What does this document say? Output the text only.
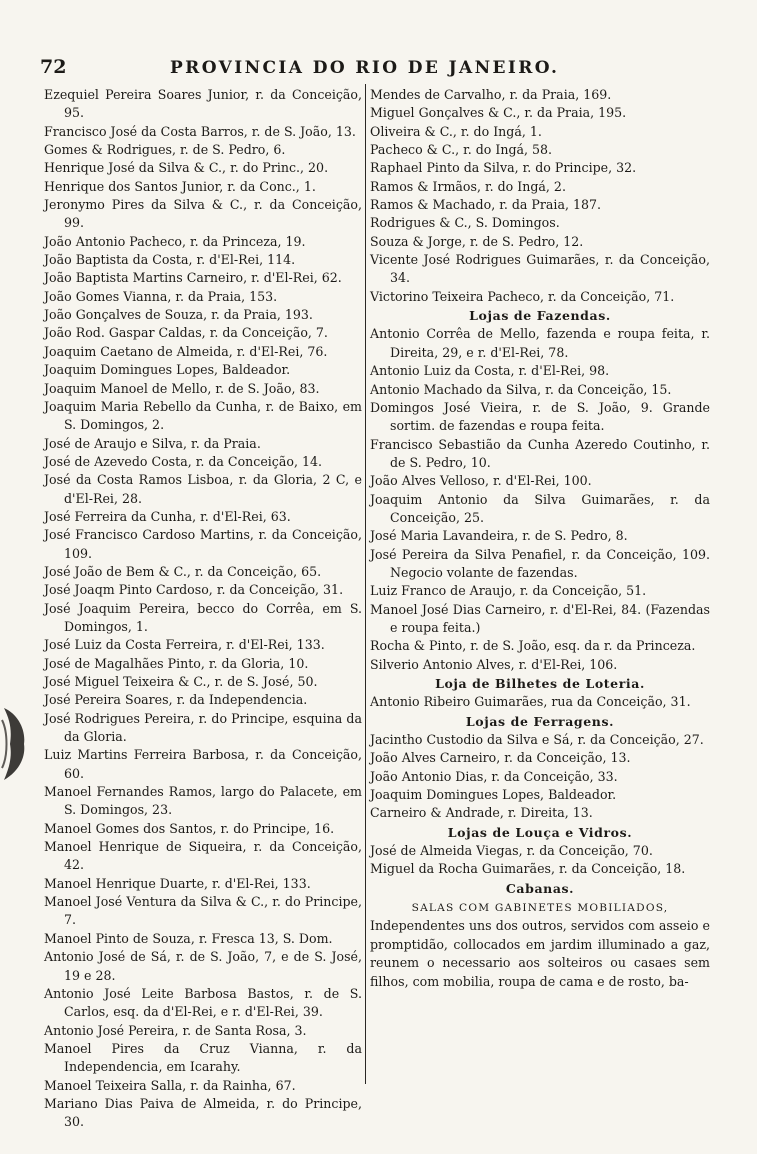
72	PROVINCIA DO RIO DE JANEIRO.
Ezequiel Pereira Soares Junior, r. da Conceição, 95.
Francisco José da Costa Barros, r. de S. João, 13.
Gomes & Rodrigues, r. de S. Pedro, 6.
Henrique José da Silva & C., r. do Princ., 20.
Henrique dos Santos Junior, r. da Conc., 1.
Jeronymo Pires da Silva & C., r. da Conceição, 99.
João Antonio Pacheco, r. da Princeza, 19.
João Baptista da Costa, r. d'El-Rei, 114.
João Baptista Martins Carneiro, r. d'El-Rei, 62.
João Gomes Vianna, r. da Praia, 153.
João Gonçalves de Souza, r. da Praia, 193.
João Rod. Gaspar Caldas, r. da Conceição, 7.
Joaquim Caetano de Almeida, r. d'El-Rei, 76.
Joaquim Domingues Lopes, Baldeador.
Joaquim Manoel de Mello, r. de S. João, 83.
Joaquim Maria Rebello da Cunha, r. de Baixo, em S. Domingos, 2.
José de Araujo e Silva, r. da Praia.
José de Azevedo Costa, r. da Conceição, 14.
José da Costa Ramos Lisboa, r. da Gloria, 2 C, e d'El-Rei, 28.
José Ferreira da Cunha, r. d'El-Rei, 63.
José Francisco Cardoso Martins, r. da Conceição, 109.
José João de Bem & C., r. da Conceição, 65.
José Joaqm Pinto Cardoso, r. da Conceição, 31.
José Joaquim Pereira, becco do Corrêa, em S. Domingos, 1.
José Luiz da Costa Ferreira, r. d'El-Rei, 133.
José de Magalhães Pinto, r. da Gloria, 10.
José Miguel Teixeira & C., r. de S. José, 50.
José Pereira Soares, r. da Independencia.
José Rodrigues Pereira, r. do Principe, esquina da da Gloria.
Luiz Martins Ferreira Barbosa, r. da Conceição, 60.
Manoel Fernandes Ramos, largo do Palacete, em S. Domingos, 23.
Manoel Gomes dos Santos, r. do Principe, 16.
Manoel Henrique de Siqueira, r. da Conceição, 42.
Manoel Henrique Duarte, r. d'El-Rei, 133.
Manoel José Ventura da Silva & C., r. do Principe, 7.
Manoel Pinto de Souza, r. Fresca 13, S. Dom.
Antonio José de Sá, r. de S. João, 7, e de S. José, 19 e 28.
Antonio José Leite Barbosa Bastos, r. de S. Carlos, esq. da d'El-Rei, e r. d'El-Rei, 39.
Antonio José Pereira, r. de Santa Rosa, 3.
Manoel Pires da Cruz Vianna, r. da Independencia, em Icarahy.
Manoel Teixeira Salla, r. da Rainha, 67.
Mariano Dias Paiva de Almeida, r. do Principe, 30.
Mendes de Carvalho, r. da Praia, 169.
Miguel Gonçalves & C., r. da Praia, 195.
Oliveira & C., r. do Ingá, 1.
Pacheco & C., r. do Ingá, 58.
Raphael Pinto da Silva, r. do Principe, 32.
Ramos & Irmãos, r. do Ingá, 2.
Ramos & Machado, r. da Praia, 187.
Rodrigues & C., S. Domingos.
Souza & Jorge, r. de S. Pedro, 12.
Vicente José Rodrigues Guimarães, r. da Conceição, 34.
Victorino Teixeira Pacheco, r. da Conceição, 71.
Lojas de Fazendas.
Antonio Corrêa de Mello, fazenda e roupa feita, r. Direita, 29, e r. d'El-Rei, 78.
Antonio Luiz da Costa, r. d'El-Rei, 98.
Antonio Machado da Silva, r. da Conceição, 15.
Domingos José Vieira, r. de S. João, 9. Grande sortim. de fazendas e roupa feita.
Francisco Sebastião da Cunha Azeredo Coutinho, r. de S. Pedro, 10.
João Alves Velloso, r. d'El-Rei, 100.
Joaquim Antonio da Silva Guimarães, r. da Conceição, 25.
José Maria Lavandeira, r. de S. Pedro, 8.
José Pereira da Silva Penafiel, r. da Conceição, 109. Negocio volante de fazendas.
Luiz Franco de Araujo, r. da Conceição, 51.
Manoel José Dias Carneiro, r. d'El-Rei, 84. (Fazendas e roupa feita.)
Rocha & Pinto, r. de S. João, esq. da r. da Princeza.
Silverio Antonio Alves, r. d'El-Rei, 106.
Loja de Bilhetes de Loteria.
Antonio Ribeiro Guimarães, rua da Conceição, 31.
Lojas de Ferragens.
Jacintho Custodio da Silva e Sá, r. da Conceição, 27.
João Alves Carneiro, r. da Conceição, 13.
João Antonio Dias, r. da Conceição, 33.
Joaquim Domingues Lopes, Baldeador.
Carneiro & Andrade, r. Direita, 13.
Lojas de Louça e Vidros.
José de Almeida Viegas, r. da Conceição, 70.
Miguel da Rocha Guimarães, r. da Conceição, 18.
Cabanas.
SALAS COM GABINETES MOBILIADOS,
Independentes uns dos outros, servidos com asseio e promptidão, collocados em jardim illuminado a gaz, reunem o necessario aos solteiros ou casaes sem filhos, com mobilia, roupa de cama e de rosto, ba-
